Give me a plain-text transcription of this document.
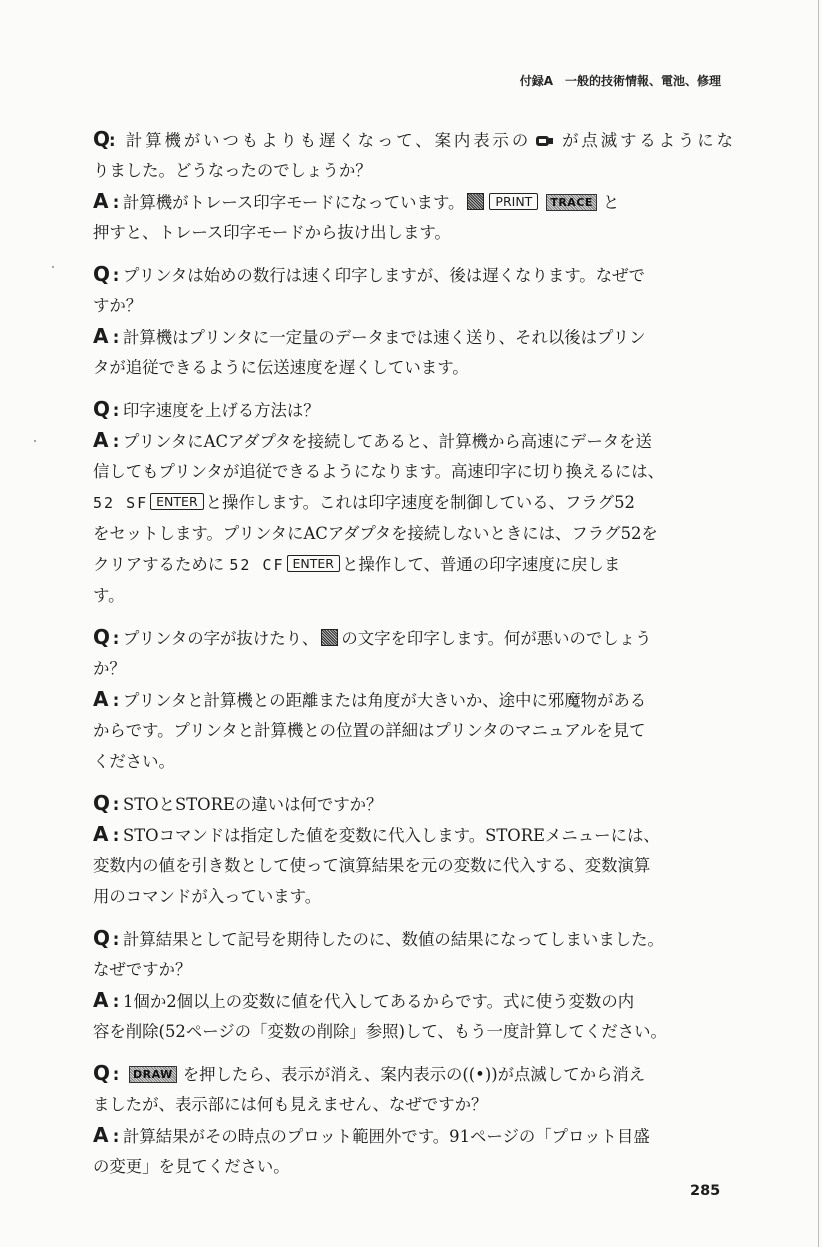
付録A　一般的技術情報、電池、修理
Q: 計算機がいつもよりも遅くなって、案内表示の が点滅するようにな
りました。どうなったのでしょうか？
A : 計算機がトレース印字モードになっています。 PRINT TRACE と
押すと、トレース印字モードから抜け出します。
Q : プリンタは始めの数行は速く印字しますが、後は遅くなります。なぜで
すか？
A : 計算機はプリンタに一定量のデータまでは速く送り、それ以後はプリン
タが追従できるように伝送速度を遅くしています。
Q : 印字速度を上げる方法は？
A : プリンタにACアダプタを接続してあると、計算機から高速にデータを送
信してもプリンタが追従できるようになります。高速印字に切り換えるには、
52 SF ENTER と操作します。これは印字速度を制御している、フラグ52
をセットします。プリンタにACアダプタを接続しないときには、フラグ52を
クリアするために 52 CF ENTER と操作して、普通の印字速度に戻しま
す。
Q : プリンタの字が抜けたり、 の文字を印字します。何が悪いのでしょう
か？
A : プリンタと計算機との距離または角度が大きいか、途中に邪魔物がある
からです。プリンタと計算機との位置の詳細はプリンタのマニュアルを見て
ください。
Q : STOとSTOREの違いは何ですか？
A : STOコマンドは指定した値を変数に代入します。STOREメニューには、
変数内の値を引き数として使って演算結果を元の変数に代入する、変数演算
用のコマンドが入っています。
Q : 計算結果として記号を期待したのに、数値の結果になってしまいました。
なぜですか？
A : 1個か2個以上の変数に値を代入してあるからです。式に使う変数の内
容を削除(52ページの「変数の削除」参照)して、もう一度計算してください。
Q : DRAW を押したら、表示が消え、案内表示の((•))が点滅してから消え
ましたが、表示部には何も見えません、なぜですか？
A : 計算結果がその時点のプロット範囲外です。91ページの「プロット目盛
の変更」を見てください。
285
